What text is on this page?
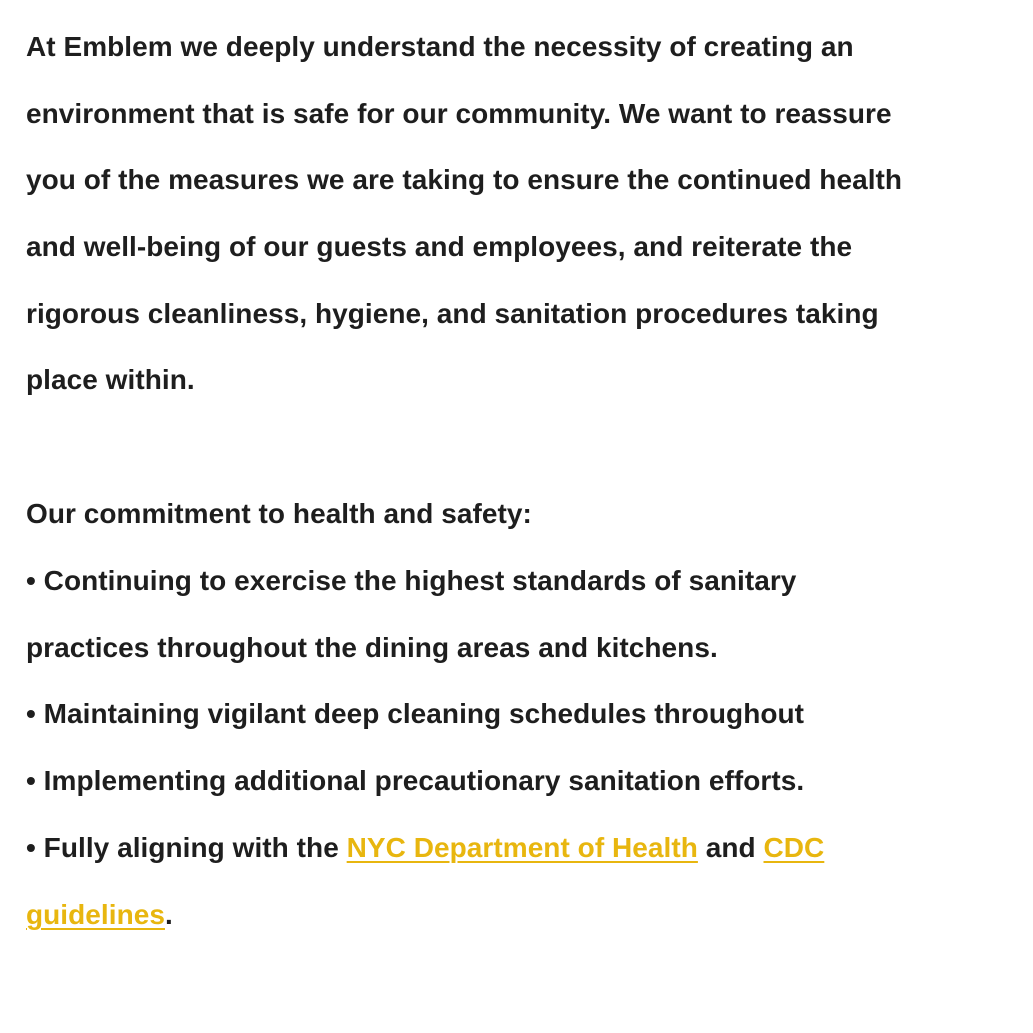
At Emblem we deeply understand the necessity of creating an

environment that is safe for our community. We want to reassure

you of the measures we are taking to ensure the continued health

and well-being of our guests and employees, and reiterate the

rigorous cleanliness, hygiene, and sanitation procedures taking

place within.

Our commitment to health and safety:

• Continuing to exercise the highest standards of sanitary

practices throughout the dining areas and kitchens.

• Maintaining vigilant deep cleaning schedules throughout

• Implementing additional precautionary sanitation efforts.

• Fully aligning with the NYC Department of Health and CDC

guidelines.
